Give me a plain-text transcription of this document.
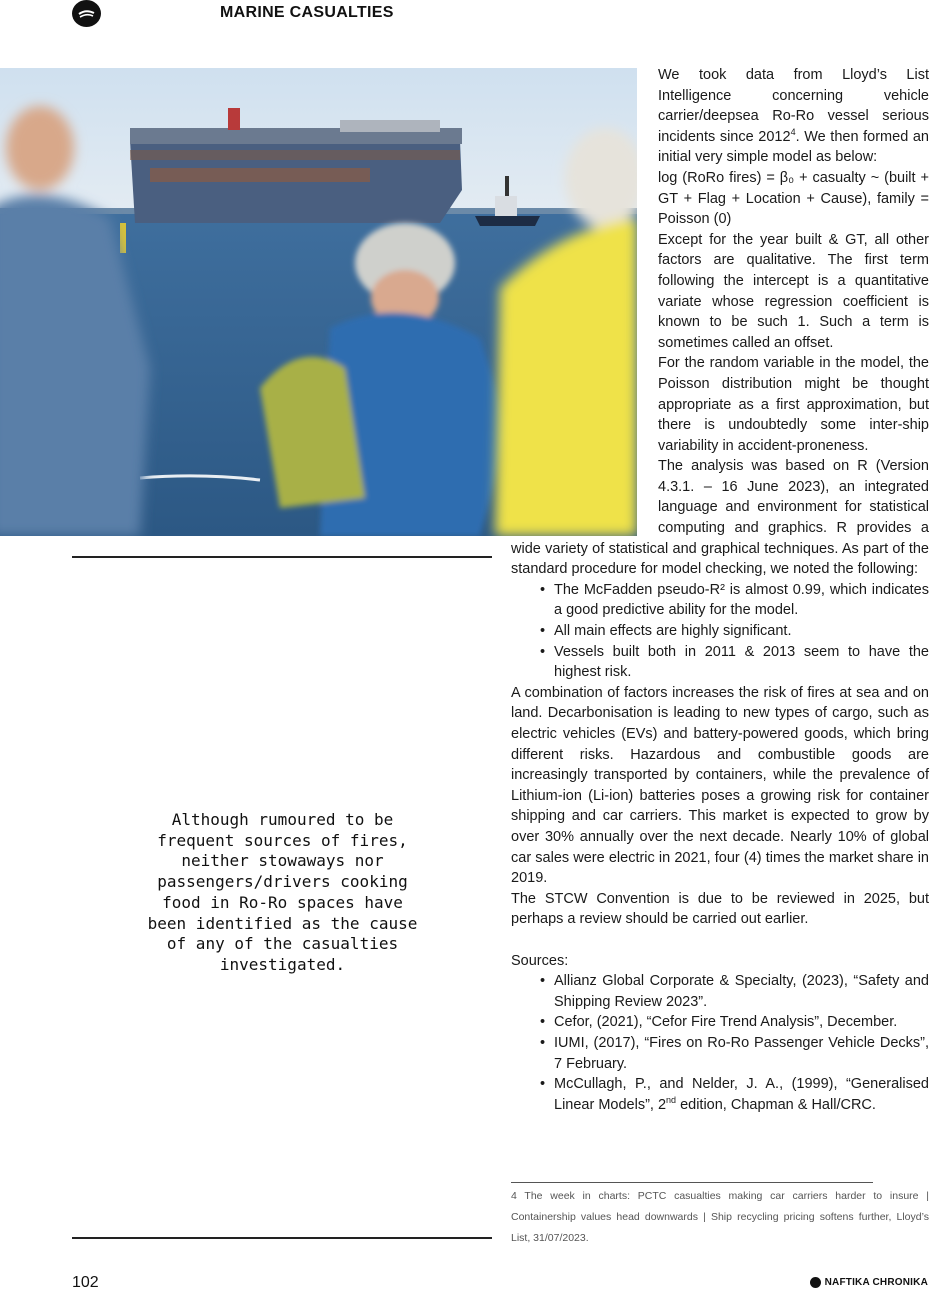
MARINE CASUALTIES
Although rumoured to be frequent sources of fires, neither stowaways nor passengers/drivers cooking food in Ro-Ro spaces have been identified as the cause of any of the casualties investigated.

We took data from Lloyd’s List Intelligence concerning vehicle carrier/deepsea Ro-Ro vessel serious incidents since 2012$^4$. We then formed an initial very simple model as below:

log (RoRo fires) = β₀ + casualty ~ (built + GT + Flag + Location + Cause), family = Poisson (0)

Except for the year built & GT, all other factors are qualitative. The first term following the intercept is a quantitative variate whose regression coefficient is known to be such 1. Such a term is sometimes called an offset.

For the random variable in the model, the Poisson distribution might be thought appropriate as a first approximation, but there is undoubtedly some inter-ship variability in accident-proneness.

The analysis was based on R (Version 4.3.1. – 16 June 2023), an integrated language and environment for statistical computing and graphics. R provides a wide variety of statistical and graphical techniques. As part of the standard procedure for model checking, we noted the following:

• The McFadden pseudo-R² is almost 0.99, which indicates a good predictive ability for the model.
• All main effects are highly significant.
• Vessels built both in 2011 & 2013 seem to have the highest risk.

A combination of factors increases the risk of fires at sea and on land. Decarbonisation is leading to new types of cargo, such as electric vehicles (EVs) and battery-powered goods, which bring different risks. Hazardous and combustible goods are increasingly transported by containers, while the prevalence of Lithium-ion (Li-ion) batteries poses a growing risk for container shipping and car carriers. This market is expected to grow by over 30% annually over the next decade. Nearly 10% of global car sales were electric in 2021, four (4) times the market share in 2019.

The STCW Convention is due to be reviewed in 2025, but perhaps a review should be carried out earlier.

Sources:

• Allianz Global Corporate & Specialty, (2023), “Safety and Shipping Review 2023”.
• Cefor, (2021), “Cefor Fire Trend Analysis”, December.
• IUMI, (2017), “Fires on Ro-Ro Passenger Vehicle Decks”, 7 February.
• McCullagh, P., and Nelder, J. A., (1999), “Generalised Linear Models”, 2nd edition, Chapman & Hall/CRC.
4 The week in charts: PCTC casualties making car carriers harder to insure | Containership values head downwards | Ship recycling pricing softens further, Lloyd’s List, 31/07/2023.
102	NAFTIKA CHRONIKA
